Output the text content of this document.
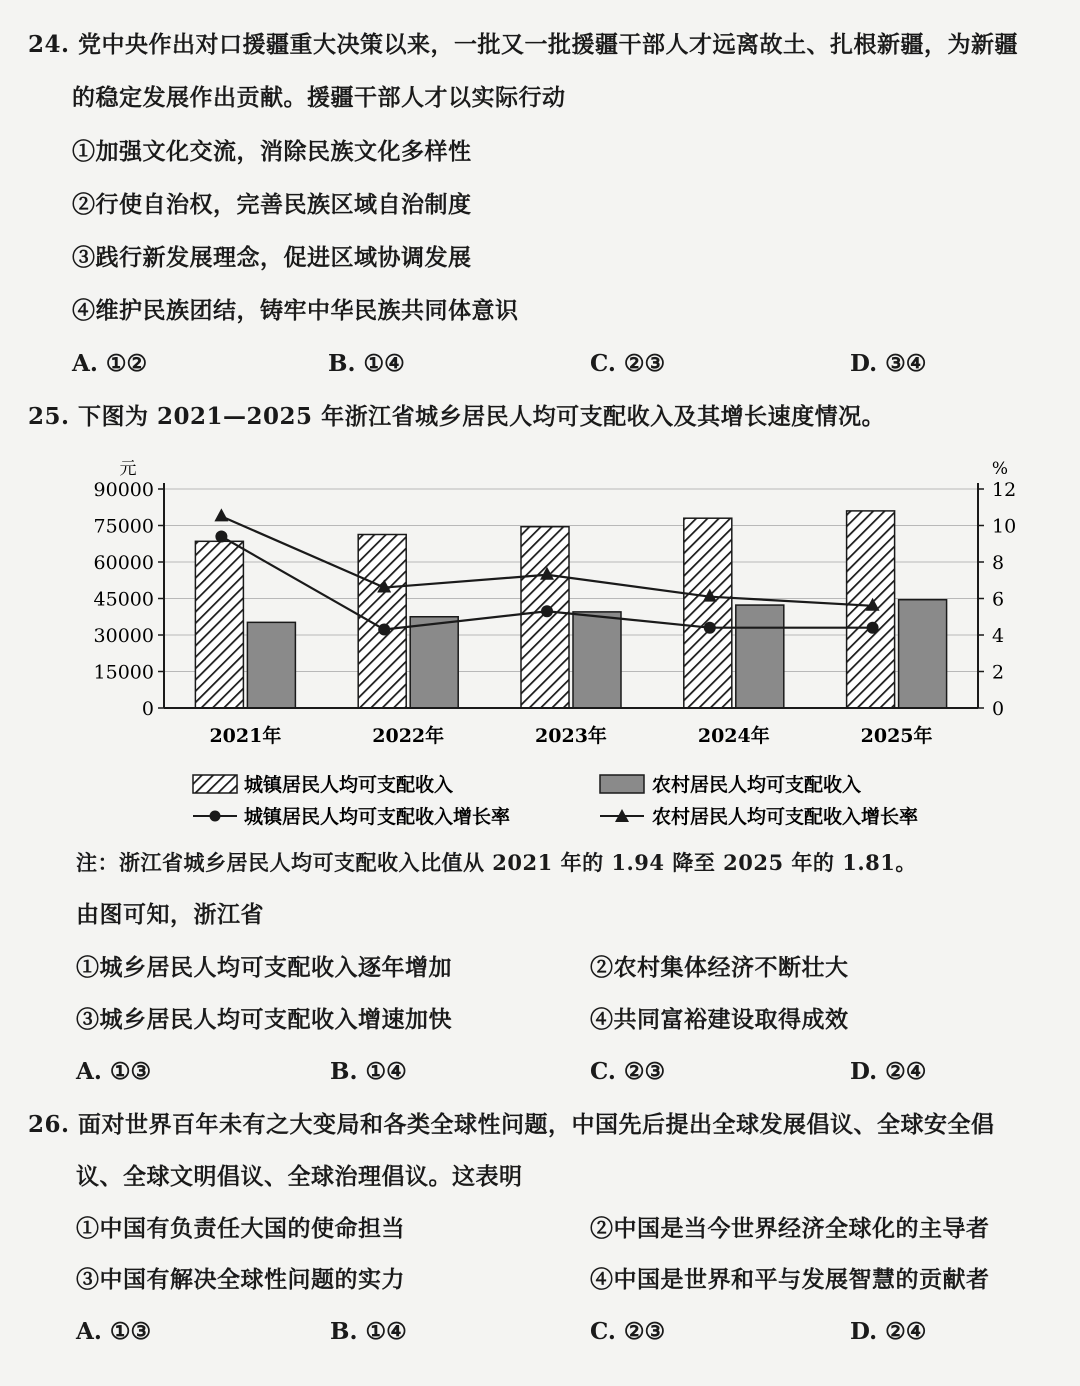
24. 党中央作出对口援疆重大决策以来，一批又一批援疆干部人才远离故土、扎根新疆，为新疆
的稳定发展作出贡献。援疆干部人才以实际行动
①加强文化交流，消除民族文化多样性
②行使自治权，完善民族区域自治制度
③践行新发展理念，促进区域协调发展
④维护民族团结，铸牢中华民族共同体意识
A. ①②	B. ①④	C. ②③	D. ③④
25. 下图为 2021—2025 年浙江省城乡居民人均可支配收入及其增长速度情况。
90000
75000
60000
45000
30000
15000
0
12
10
8
6
4
2
0
2021年	2022年	2023年	2024年	2025年
元	%
城镇居民人均可支配收入	农村居民人均可支配收入
城镇居民人均可支配收入增长率	农村居民人均可支配收入增长率
注：浙江省城乡居民人均可支配收入比值从 2021 年的 1.94 降至 2025 年的 1.81。
由图可知，浙江省
①城乡居民人均可支配收入逐年增加	②农村集体经济不断壮大
③城乡居民人均可支配收入增速加快	④共同富裕建设取得成效
A. ①③	B. ①④	C. ②③	D. ②④
26. 面对世界百年未有之大变局和各类全球性问题，中国先后提出全球发展倡议、全球安全倡
议、全球文明倡议、全球治理倡议。这表明
①中国有负责任大国的使命担当	②中国是当今世界经济全球化的主导者
③中国有解决全球性问题的实力	④中国是世界和平与发展智慧的贡献者
A. ①③	B. ①④	C. ②③	D. ②④
